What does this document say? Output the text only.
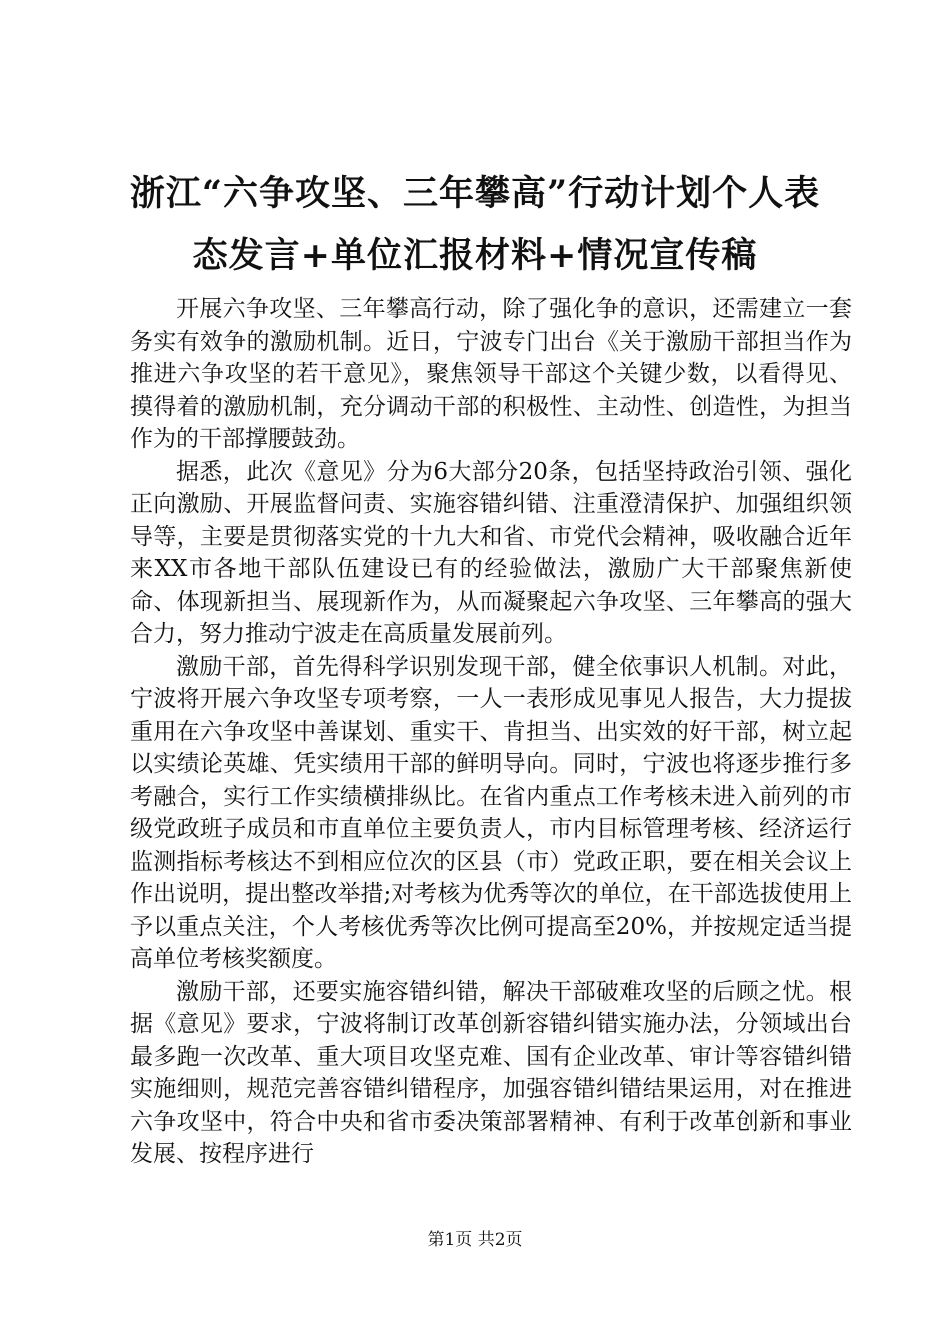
浙江“六争攻坚、三年攀高”行动计划个人表
态发言+单位汇报材料+情况宣传稿

开展六争攻坚、三年攀高行动，除了强化争的意识，还需建立一套务实有效争的激励机制。近日，宁波专门出台《关于激励干部担当作为推进六争攻坚的若干意见》，聚焦领导干部这个关键少数，以看得见、摸得着的激励机制，充分调动干部的积极性、主动性、创造性，为担当作为的干部撑腰鼓劲。

据悉，此次《意见》分为6大部分20条，包括坚持政治引领、强化正向激励、开展监督问责、实施容错纠错、注重澄清保护、加强组织领导等，主要是贯彻落实党的十九大和省、市党代会精神，吸收融合近年来XX市各地干部队伍建设已有的经验做法，激励广大干部聚焦新使命、体现新担当、展现新作为，从而凝聚起六争攻坚、三年攀高的强大合力，努力推动宁波走在高质量发展前列。

激励干部，首先得科学识别发现干部，健全依事识人机制。对此，宁波将开展六争攻坚专项考察，一人一表形成见事见人报告，大力提拔重用在六争攻坚中善谋划、重实干、肯担当、出实效的好干部，树立起以实绩论英雄、凭实绩用干部的鲜明导向。同时，宁波也将逐步推行多考融合，实行工作实绩横排纵比。在省内重点工作考核未进入前列的市级党政班子成员和市直单位主要负责人，市内目标管理考核、经济运行监测指标考核达不到相应位次的区县（市）党政正职，要在相关会议上作出说明，提出整改举措;对考核为优秀等次的单位，在干部选拔使用上予以重点关注，个人考核优秀等次比例可提高至20%，并按规定适当提高单位考核奖额度。

激励干部，还要实施容错纠错，解决干部破难攻坚的后顾之忧。根据《意见》要求，宁波将制订改革创新容错纠错实施办法，分领域出台最多跑一次改革、重大项目攻坚克难、国有企业改革、审计等容错纠错实施细则，规范完善容错纠错程序，加强容错纠错结果运用，对在推进六争攻坚中，符合中央和省市委决策部署精神、有利于改革创新和事业发展、按程序进行

第1页 共2页
